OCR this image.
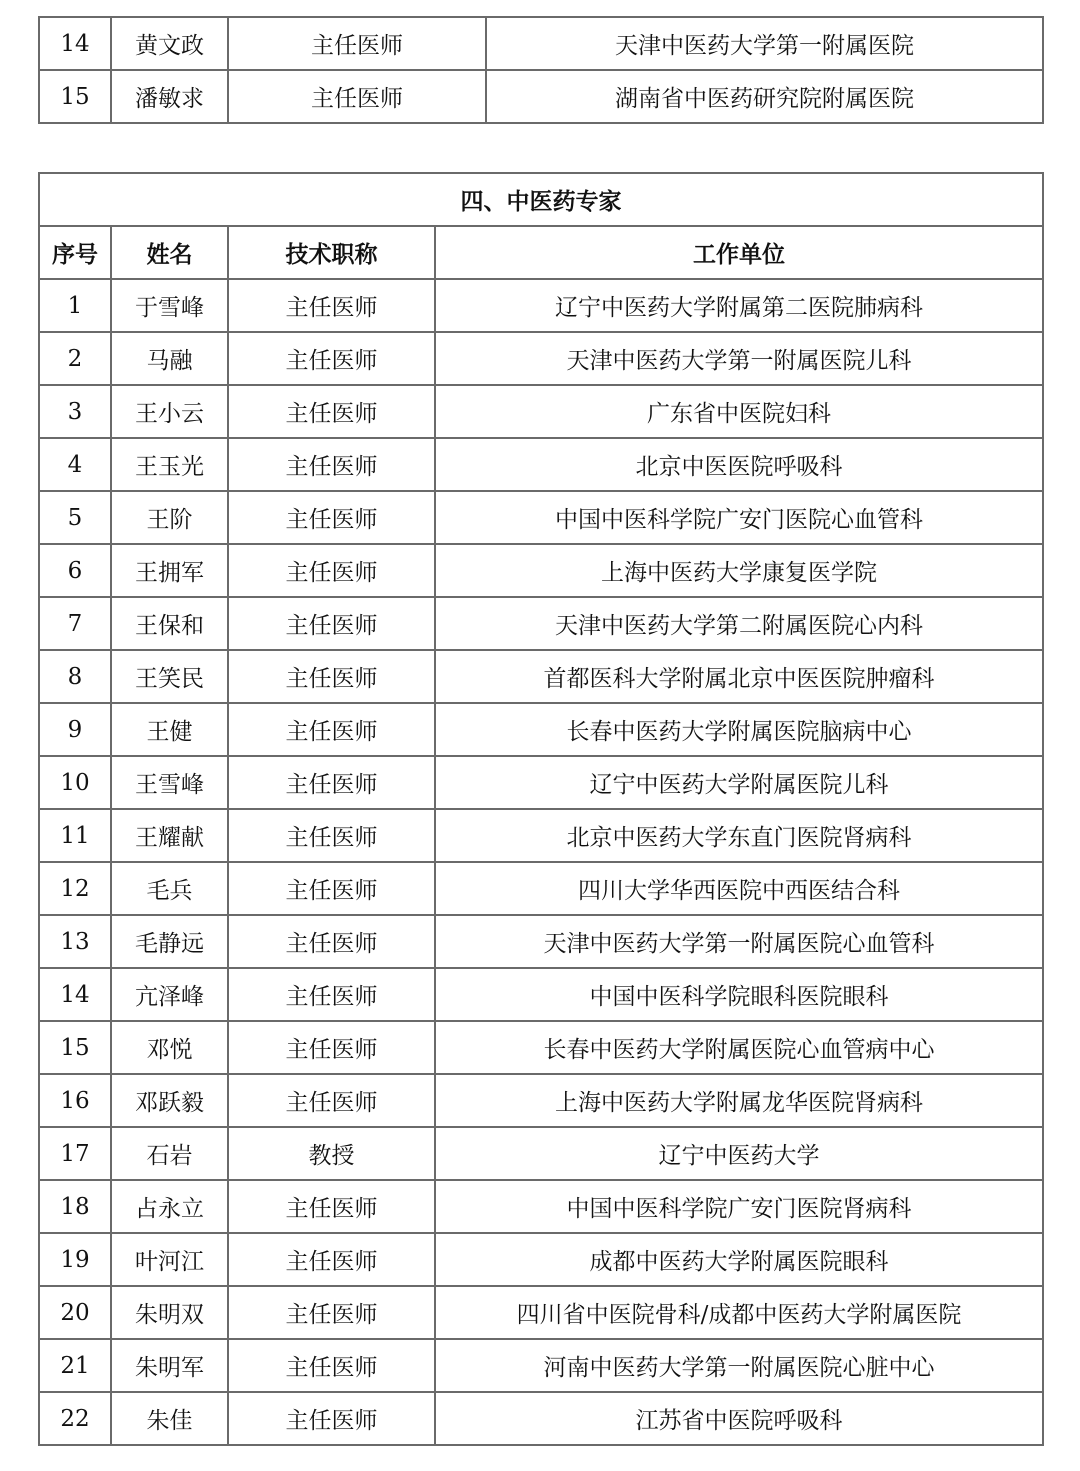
14	黄文政	主任医师	天津中医药大学第一附属医院
15	潘敏求	主任医师	湖南省中医药研究院附属医院
四、中医药专家			
序号	姓名	技术职称	工作单位
1	于雪峰	主任医师	辽宁中医药大学附属第二医院肺病科
2	马融	主任医师	天津中医药大学第一附属医院儿科
3	王小云	主任医师	广东省中医院妇科
4	王玉光	主任医师	北京中医医院呼吸科
5	王阶	主任医师	中国中医科学院广安门医院心血管科
6	王拥军	主任医师	上海中医药大学康复医学院
7	王保和	主任医师	天津中医药大学第二附属医院心内科
8	王笑民	主任医师	首都医科大学附属北京中医医院肿瘤科
9	王健	主任医师	长春中医药大学附属医院脑病中心
10	王雪峰	主任医师	辽宁中医药大学附属医院儿科
11	王耀献	主任医师	北京中医药大学东直门医院肾病科
12	毛兵	主任医师	四川大学华西医院中西医结合科
13	毛静远	主任医师	天津中医药大学第一附属医院心血管科
14	亢泽峰	主任医师	中国中医科学院眼科医院眼科
15	邓悦	主任医师	长春中医药大学附属医院心血管病中心
16	邓跃毅	主任医师	上海中医药大学附属龙华医院肾病科
17	石岩	教授	辽宁中医药大学
18	占永立	主任医师	中国中医科学院广安门医院肾病科
19	叶河江	主任医师	成都中医药大学附属医院眼科
20	朱明双	主任医师	四川省中医院骨科/成都中医药大学附属医院
21	朱明军	主任医师	河南中医药大学第一附属医院心脏中心
22	朱佳	主任医师	江苏省中医院呼吸科
